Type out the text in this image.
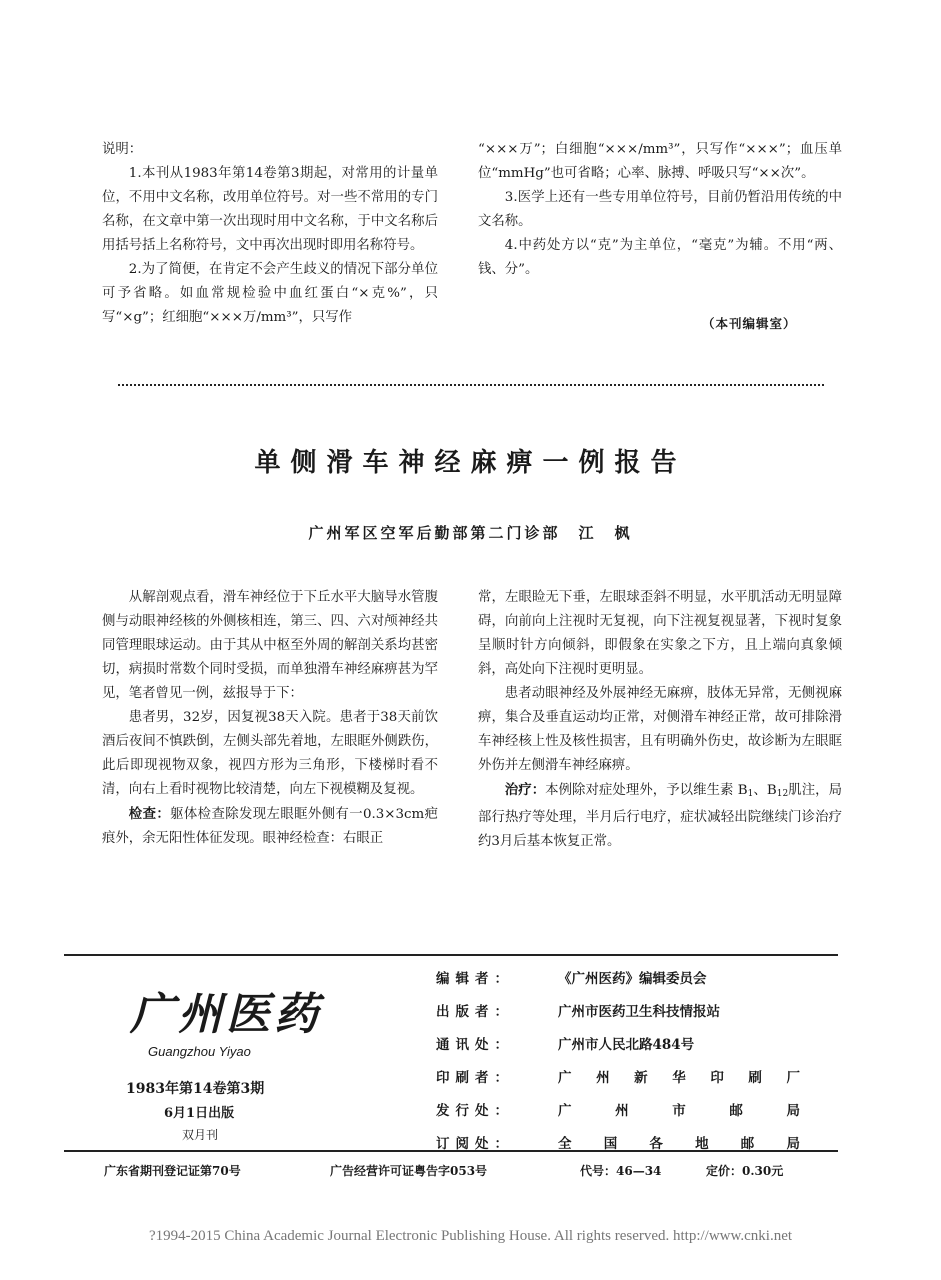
说明：

1.本刊从1983年第14卷第3期起，对常用的计量单位，不用中文名称，改用单位符号。对一些不常用的专门名称，在文章中第一次出现时用中文名称，于中文名称后用括号括上名称符号，文中再次出现时即用名称符号。

2.为了简便，在肯定不会产生歧义的情况下部分单位可予省略。如血常规检验中血红蛋白“×克%”，只写“×g”；红细胞“×××万/mm³”，只写作

“×××万”；白细胞“×××/mm³”，只写作“×××”；血压单位“mmHg”也可省略；心率、脉搏、呼吸只写“××次”。

3.医学上还有一些专用单位符号，目前仍暂沿用传统的中文名称。

4.中药处方以“克”为主单位，“毫克”为辅。不用“两、钱、分”。

（本刊编辑室）
单侧滑车神经麻痹一例报告
广州军区空军后勤部第二门诊部　江　枫

从解剖观点看，滑车神经位于下丘水平大脑导水管腹侧与动眼神经核的外侧核相连，第三、四、六对颅神经共同管理眼球运动。由于其从中枢至外周的解剖关系均甚密切，病损时常数个同时受损，而单独滑车神经麻痹甚为罕见，笔者曾见一例，兹报导于下：

患者男，32岁，因复视38天入院。患者于38天前饮酒后夜间不慎跌倒，左侧头部先着地，左眼眶外侧跌伤，此后即现视物双象，视四方形为三角形，下楼梯时看不清，向右上看时视物比较清楚，向左下视模糊及复视。

检查：躯体检查除发现左眼眶外侧有一0.3×3cm疤痕外，余无阳性体征发现。眼神经检查：右眼正

常，左眼睑无下垂，左眼球歪斜不明显，水平肌活动无明显障碍，向前向上注视时无复视，向下注视复视显著，下视时复象呈顺时针方向倾斜，即假象在实象之下方，且上端向真象倾斜，高处向下注视时更明显。

患者动眼神经及外展神经无麻痹，肢体无异常，无侧视麻痹，集合及垂直运动均正常，对侧滑车神经正常，故可排除滑车神经核上性及核性损害，且有明确外伤史，故诊断为左眼眶外伤并左侧滑车神经麻痹。

治疗：本例除对症处理外，予以维生素 $B_1$、$B_{12}$肌注，局部行热疗等处理，半月后行电疗，症状减轻出院继续门诊治疗约3月后基本恢复正常。

广州医药
Guangzhou Yiyao
1983年第14卷第3期
6月1日出版
双月刊
编辑者：	《广州医药》编辑委员会
出版者：	广州市医药卫生科技情报站
通讯处：	广州市人民北路484号
印刷者：	广 州 新 华 印 刷 厂
发行处：	广	州	市	邮	局
订阅处：	全 国 各 地 邮 局
广东省期刊登记证第70号	广告经营许可证粤告字053号	代号：46—34	定价：0.30元
?1994-2015 China Academic Journal Electronic Publishing House. All rights reserved. http://www.cnki.net
